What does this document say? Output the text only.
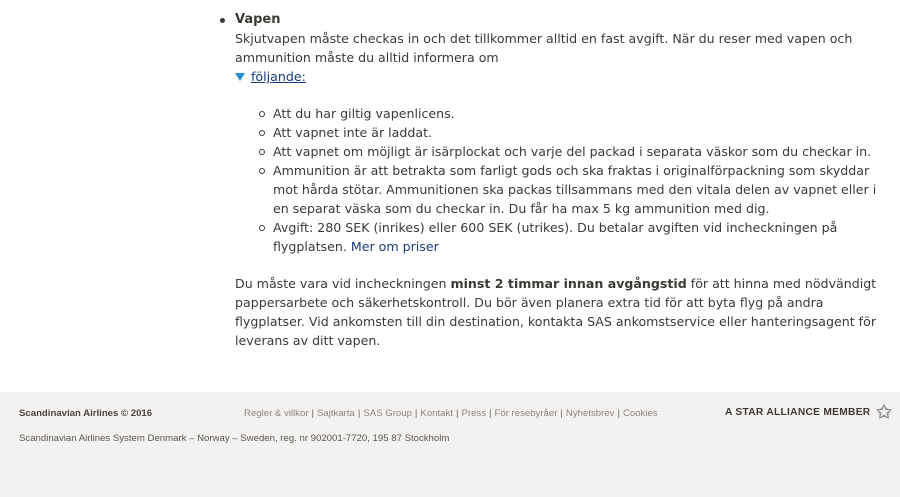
Vapen
Skjutvapen måste checkas in och det tillkommer alltid en fast avgift. När du reser med vapen och ammunition måste du alltid informera om
följande:
Att du har giltig vapenlicens.
Att vapnet inte är laddat.
Att vapnet om möjligt är isärplockat och varje del packad i separata väskor som du checkar in.
Ammunition är att betrakta som farligt gods och ska fraktas i originalförpackning som skyddar mot hårda stötar. Ammunitionen ska packas tillsammans med den vitala delen av vapnet eller i en separat väska som du checkar in. Du får ha max 5 kg ammunition med dig.
Avgift: 280 SEK (inrikes) eller 600 SEK (utrikes). Du betalar avgiften vid incheckningen på flygplatsen. Mer om priser

Du måste vara vid incheckningen minst 2 timmar innan avgångstid för att hinna med nödvändigt pappersarbete och säkerhetskontroll. Du bör även planera extra tid för att byta flyg på andra flygplatser. Vid ankomsten till din destination, kontakta SAS ankomstservice eller hanteringsagent för leverans av ditt vapen.

Scandinavian Airlines © 2016	Regler & villkor | Sajtkarta | SAS Group | Kontakt | Press | För resebyråer | Nyhetsbrev | Cookies
Scandinavian Airlines System Denmark – Norway – Sweden, reg. nr 902001-7720, 195 87 Stockholm
A STAR ALLIANCE MEMBER ✩
